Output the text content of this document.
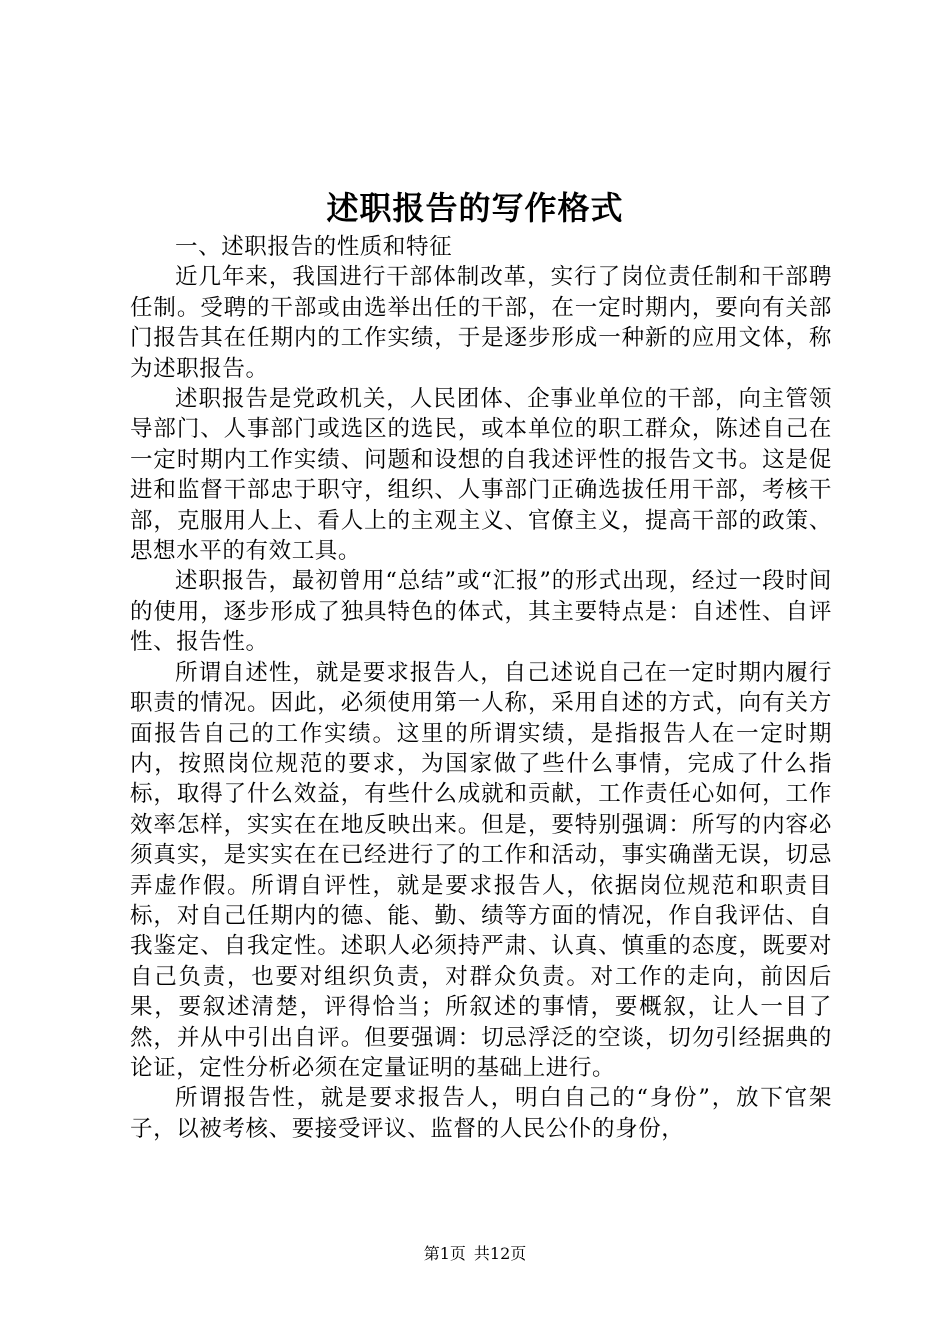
述职报告的写作格式

一、述职报告的性质和特征

近几年来，我国进行干部体制改革，实行了岗位责任制和干部聘任制。受聘的干部或由选举出任的干部，在一定时期内，要向有关部门报告其在任期内的工作实绩，于是逐步形成一种新的应用文体，称为述职报告。

述职报告是党政机关，人民团体、企事业单位的干部，向主管领导部门、人事部门或选区的选民，或本单位的职工群众，陈述自己在一定时期内工作实绩、问题和设想的自我述评性的报告文书。这是促进和监督干部忠于职守，组织、人事部门正确选拔任用干部，考核干部，克服用人上、看人上的主观主义、官僚主义，提高干部的政策、思想水平的有效工具。

述职报告，最初曾用“总结”或“汇报”的形式出现，经过一段时间的使用，逐步形成了独具特色的体式，其主要特点是：自述性、自评性、报告性。

所谓自述性，就是要求报告人，自己述说自己在一定时期内履行职责的情况。因此，必须使用第一人称，采用自述的方式，向有关方面报告自己的工作实绩。这里的所谓实绩，是指报告人在一定时期内，按照岗位规范的要求，为国家做了些什么事情，完成了什么指标，取得了什么效益，有些什么成就和贡献，工作责任心如何，工作效率怎样，实实在在地反映出来。但是，要特别强调：所写的内容必须真实，是实实在在已经进行了的工作和活动，事实确凿无误，切忌弄虚作假。所谓自评性，就是要求报告人，依据岗位规范和职责目标，对自己任期内的德、能、勤、绩等方面的情况，作自我评估、自我鉴定、自我定性。述职人必须持严肃、认真、慎重的态度，既要对自己负责，也要对组织负责，对群众负责。对工作的走向，前因后果，要叙述清楚，评得恰当；所叙述的事情，要概叙，让人一目了然，并从中引出自评。但要强调：切忌浮泛的空谈，切勿引经据典的论证，定性分析必须在定量证明的基础上进行。

所谓报告性，就是要求报告人，明白自己的“身份”，放下官架子，以被考核、要接受评议、监督的人民公仆的身份，

第1页 共12页
